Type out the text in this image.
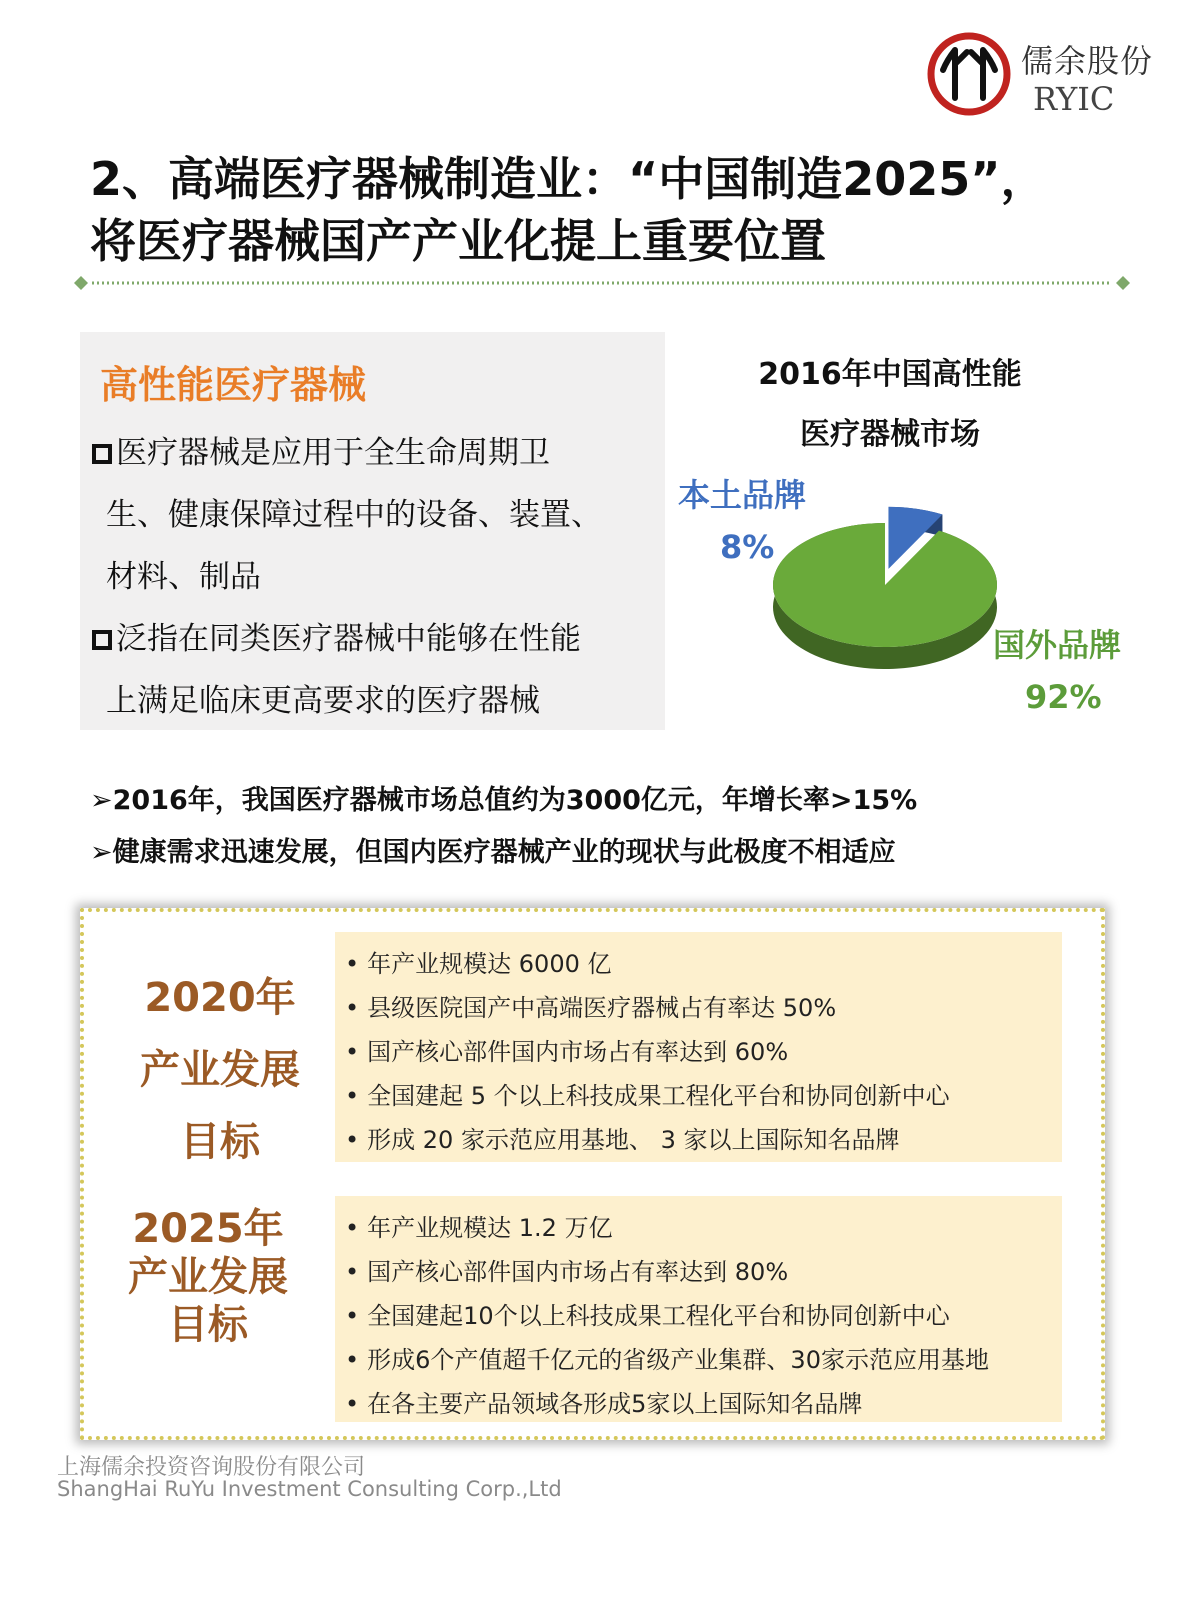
儒余股份
RYIC
2、高端医疗器械制造业：“中国制造2025”，
将医疗器械国产产业化提上重要位置
高性能医疗器械
医疗器械是应用于全生命周期卫
生、健康保障过程中的设备、装置、
材料、制品
泛指在同类医疗器械中能够在性能
上满足临床更高要求的医疗器械
2016年中国高性能
医疗器械市场
本土品牌
8%
国外品牌
92%
➢2016年，我国医疗器械市场总值约为3000亿元，年增长率>15%
➢健康需求迅速发展，但国内医疗器械产业的现状与此极度不相适应
2020年
产业发展
目标
• 年产业规模达 6000 亿
• 县级医院国产中高端医疗器械占有率达 50%
• 国产核心部件国内市场占有率达到 60%
• 全国建起 5 个以上科技成果工程化平台和协同创新中心
• 形成 20 家示范应用基地、 3 家以上国际知名品牌
2025年
产业发展
目标
• 年产业规模达 1.2 万亿
• 国产核心部件国内市场占有率达到 80%
• 全国建起10个以上科技成果工程化平台和协同创新中心
• 形成6个产值超千亿元的省级产业集群、30家示范应用基地
• 在各主要产品领域各形成5家以上国际知名品牌
上海儒余投资咨询股份有限公司
ShangHai RuYu Investment Consulting Corp.,Ltd
